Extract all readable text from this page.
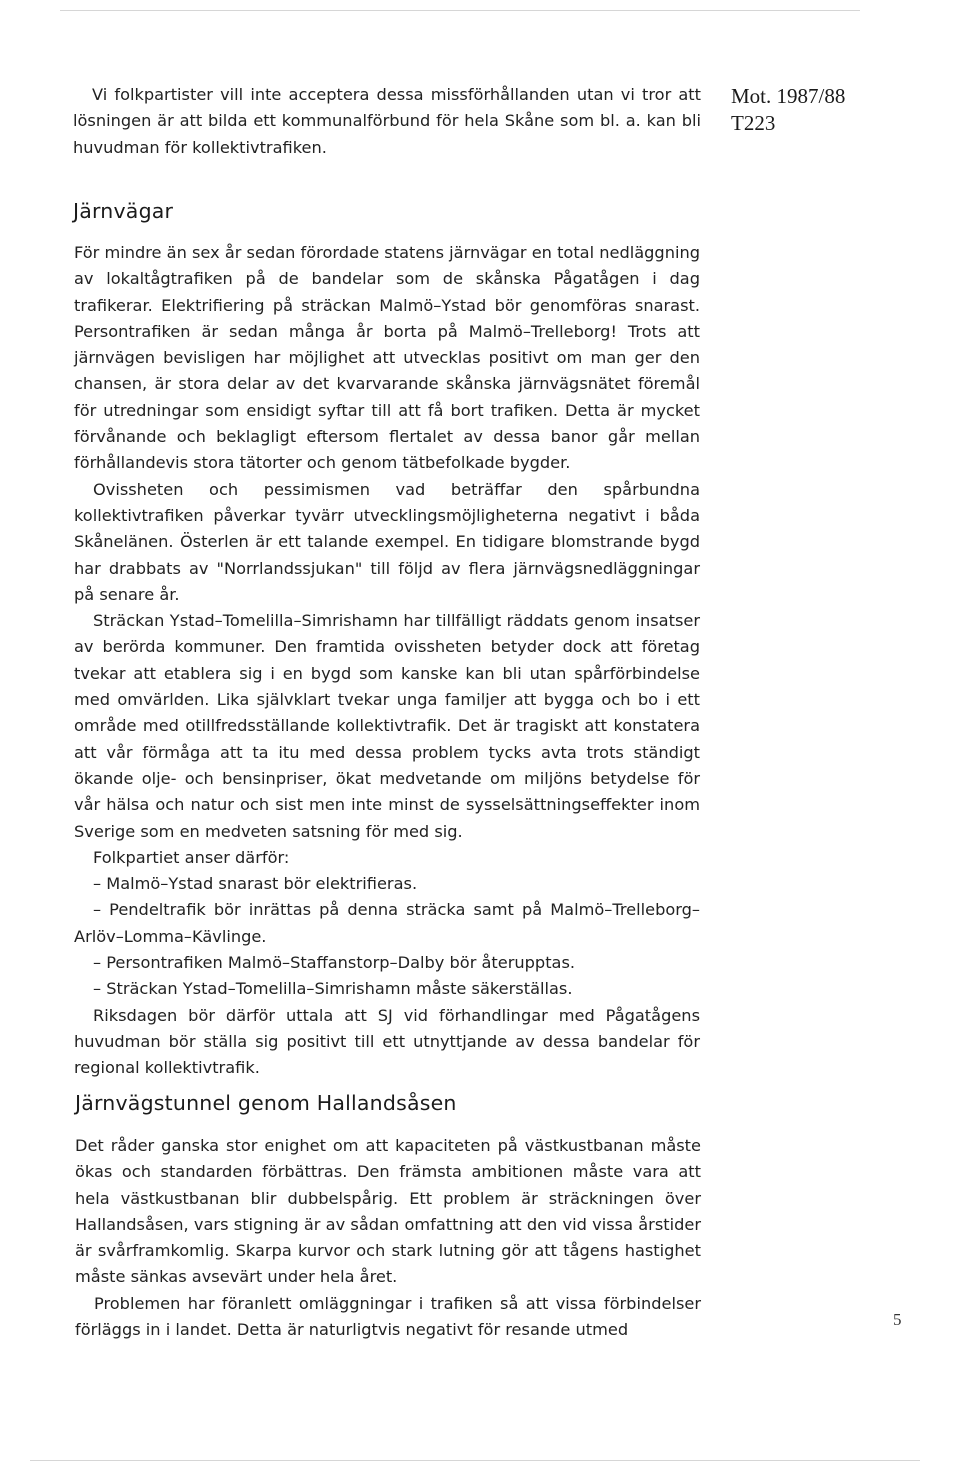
Mot. 1987/88
T223

Vi folkpartister vill inte acceptera dessa missförhållanden utan vi tror att lösningen är att bilda ett kommunalförbund för hela Skåne som bl. a. kan bli huvudman för kollektivtrafiken.

Järnvägar

För mindre än sex år sedan förordade statens järnvägar en total nedläggning av lokaltågtrafiken på de bandelar som de skånska Pågatågen i dag trafikerar. Elektrifiering på sträckan Malmö–Ystad bör genomföras snarast. Persontrafiken är sedan många år borta på Malmö–Trelleborg! Trots att järnvägen bevisligen har möjlighet att utvecklas positivt om man ger den chansen, är stora delar av det kvarvarande skånska järnvägsnätet föremål för utredningar som ensidigt syftar till att få bort trafiken. Detta är mycket förvånande och beklagligt eftersom flertalet av dessa banor går mellan förhållandevis stora tätorter och genom tätbefolkade bygder.

Ovissheten och pessimismen vad beträffar den spårbundna kollektivtrafiken påverkar tyvärr utvecklingsmöjligheterna negativt i båda Skånelänen. Österlen är ett talande exempel. En tidigare blomstrande bygd har drabbats av "Norrlandssjukan" till följd av flera järnvägsnedläggningar på senare år.

Sträckan Ystad–Tomelilla–Simrishamn har tillfälligt räddats genom insatser av berörda kommuner. Den framtida ovissheten betyder dock att företag tvekar att etablera sig i en bygd som kanske kan bli utan spårförbindelse med omvärlden. Lika självklart tvekar unga familjer att bygga och bo i ett område med otillfredsställande kollektivtrafik. Det är tragiskt att konstatera att vår förmåga att ta itu med dessa problem tycks avta trots ständigt ökande olje- och bensinpriser, ökat medvetande om miljöns betydelse för vår hälsa och natur och sist men inte minst de sysselsättningseffekter inom Sverige som en medveten satsning för med sig.

Folkpartiet anser därför:

– Malmö–Ystad snarast bör elektrifieras.

– Pendeltrafik bör inrättas på denna sträcka samt på Malmö–Trelleborg–Arlöv–Lomma–Kävlinge.

– Persontrafiken Malmö–Staffanstorp–Dalby bör återupptas.

– Sträckan Ystad–Tomelilla–Simrishamn måste säkerställas.

Riksdagen bör därför uttala att SJ vid förhandlingar med Pågatågens huvudman bör ställa sig positivt till ett utnyttjande av dessa bandelar för regional kollektivtrafik.

Järnvägstunnel genom Hallandsåsen

Det råder ganska stor enighet om att kapaciteten på västkustbanan måste ökas och standarden förbättras. Den främsta ambitionen måste vara att hela västkustbanan blir dubbelspårig. Ett problem är sträckningen över Hallandsåsen, vars stigning är av sådan omfattning att den vid vissa årstider är svårframkomlig. Skarpa kurvor och stark lutning gör att tågens hastighet måste sänkas avsevärt under hela året.

Problemen har föranlett omläggningar i trafiken så att vissa förbindelser förläggs in i landet. Detta är naturligtvis negativt för resande utmed

5
